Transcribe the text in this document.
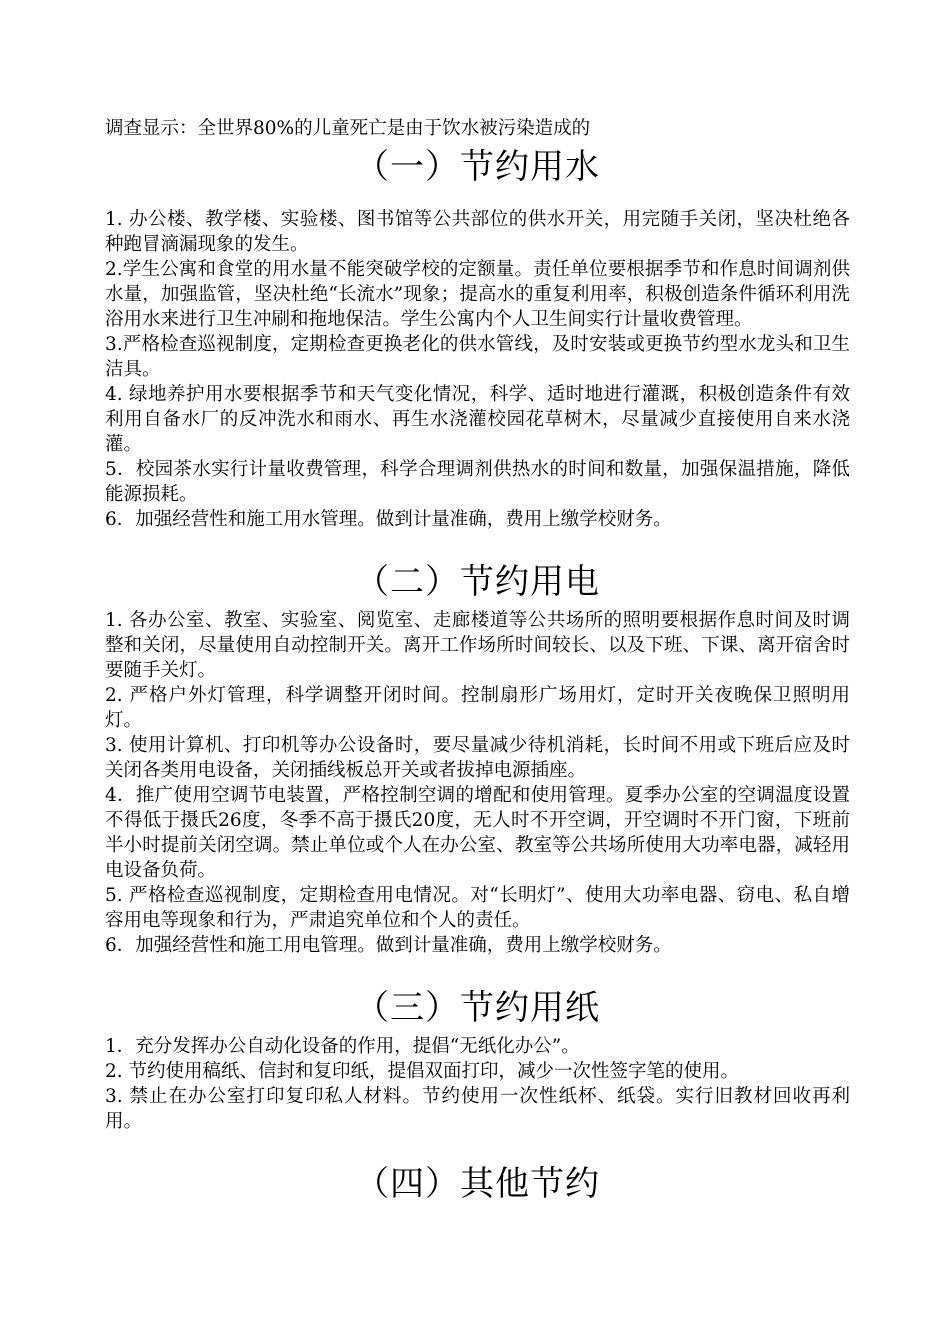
调查显示：全世界80%的儿童死亡是由于饮水被污染造成的

（一）节约用水

1. 办公楼、教学楼、实验楼、图书馆等公共部位的供水开关，用完随手关闭，坚决杜绝各种跑冒滴漏现象的发生。

2.学生公寓和食堂的用水量不能突破学校的定额量。责任单位要根据季节和作息时间调剂供水量，加强监管，坚决杜绝“长流水”现象；提高水的重复利用率，积极创造条件循环利用洗浴用水来进行卫生冲刷和拖地保洁。学生公寓内个人卫生间实行计量收费管理。

3.严格检查巡视制度，定期检查更换老化的供水管线，及时安装或更换节约型水龙头和卫生洁具。

4. 绿地养护用水要根据季节和天气变化情况，科学、适时地进行灌溉，积极创造条件有效利用自备水厂的反冲洗水和雨水、再生水浇灌校园花草树木，尽量减少直接使用自来水浇灌。

5．校园茶水实行计量收费管理，科学合理调剂供热水的时间和数量，加强保温措施，降低能源损耗。

6．加强经营性和施工用水管理。做到计量准确，费用上缴学校财务。

（二）节约用电

1. 各办公室、教室、实验室、阅览室、走廊楼道等公共场所的照明要根据作息时间及时调整和关闭，尽量使用自动控制开关。离开工作场所时间较长、以及下班、下课、离开宿舍时要随手关灯。

2. 严格户外灯管理，科学调整开闭时间。控制扇形广场用灯，定时开关夜晚保卫照明用灯。

3. 使用计算机、打印机等办公设备时，要尽量减少待机消耗，长时间不用或下班后应及时关闭各类用电设备，关闭插线板总开关或者拔掉电源插座。

4．推广使用空调节电装置，严格控制空调的增配和使用管理。夏季办公室的空调温度设置不得低于摄氏26度，冬季不高于摄氏20度，无人时不开空调，开空调时不开门窗，下班前半小时提前关闭空调。禁止单位或个人在办公室、教室等公共场所使用大功率电器，减轻用电设备负荷。

5. 严格检查巡视制度，定期检查用电情况。对“长明灯”、使用大功率电器、窃电、私自增容用电等现象和行为，严肃追究单位和个人的责任。

6．加强经营性和施工用电管理。做到计量准确，费用上缴学校财务。

（三）节约用纸

1．充分发挥办公自动化设备的作用，提倡“无纸化办公”。

2. 节约使用稿纸、信封和复印纸，提倡双面打印，减少一次性签字笔的使用。

3. 禁止在办公室打印复印私人材料。节约使用一次性纸杯、纸袋。实行旧教材回收再利用。

（四）其他节约
